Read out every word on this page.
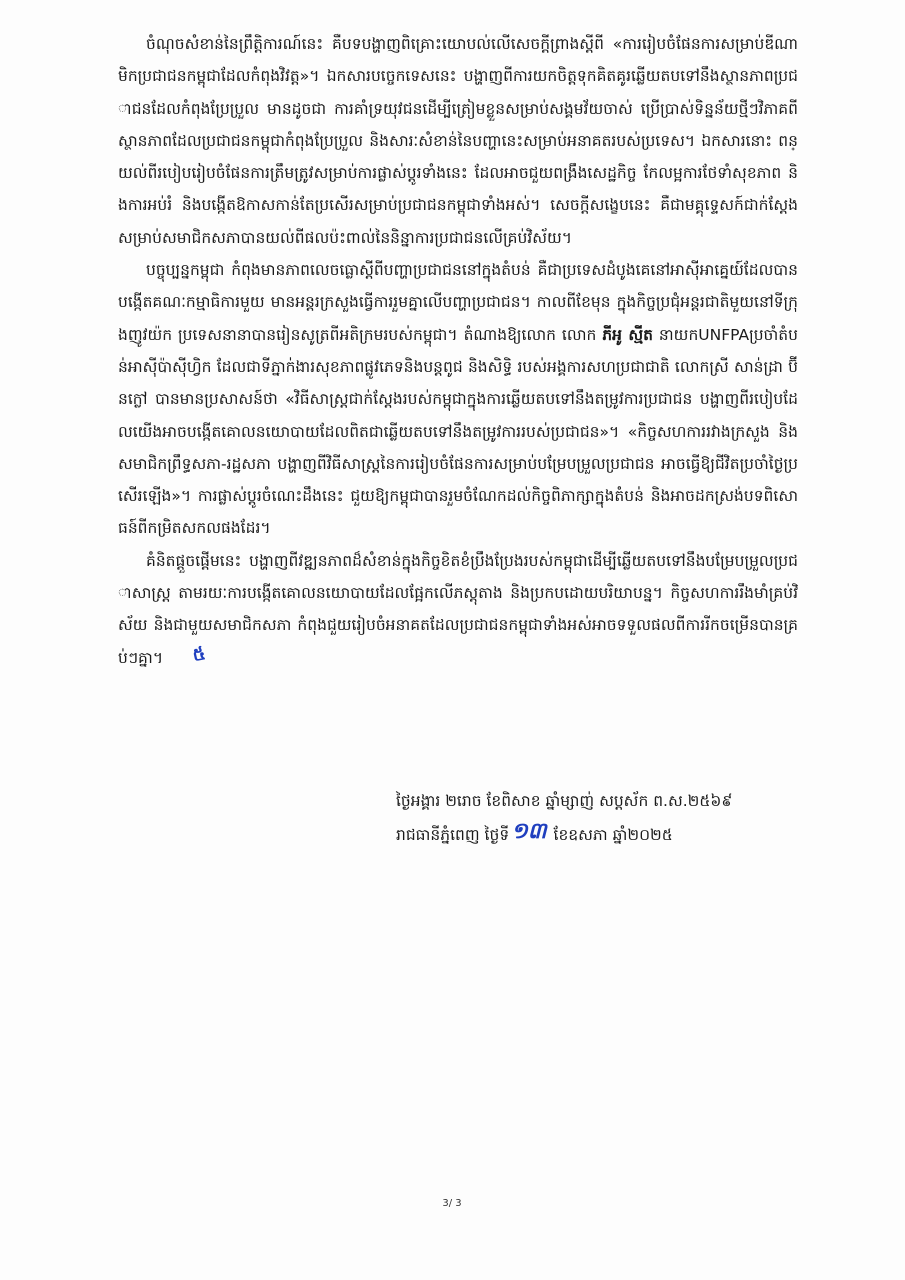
ចំណុចសំខាន់នៃព្រឹត្តិការណ៍នេះ គឺបទបង្ហាញពិគ្រោះយោបល់លើសេចក្តីព្រាងស្តីពី «ការរៀបចំផែនការសម្រាប់ឌីណាមិកប្រជាជនកម្ពុជាដែលកំពុងវិវត្ត»។ ឯកសារបច្ចេកទេសនេះ បង្ហាញពីការយកចិត្តទុកគិតគូរឆ្លើយតបទៅនឹងស្ថានភាពប្រជាជនដែលកំពុងប្រែប្រួល មានដូចជា ការគាំទ្រយុវជនដើម្បីត្រៀមខ្លួនសម្រាប់សង្គមវ័យចាស់ ប្រើប្រាស់ទិន្នន័យថ្មីៗវិភាគពីស្ថានភាពដែលប្រជាជនកម្ពុជាកំពុងប្រែប្រួល និងសារៈសំខាន់នៃបញ្ហានេះសម្រាប់អនាគតរបស់ប្រទេស។ ឯកសារនោះ ពន្យល់ពីរបៀបរៀបចំផែនការត្រឹមត្រូវសម្រាប់ការផ្លាស់ប្តូរទាំងនេះ ដែលអាចជួយពង្រឹងសេដ្ឋកិច្ច កែលម្អការថែទាំសុខភាព និងការអប់រំ និងបង្កើតឱកាសកាន់តែប្រសើរសម្រាប់ប្រជាជនកម្ពុជាទាំងអស់។ សេចក្តីសង្ខេបនេះ គឺជាមគ្គុទ្ទេសក៍ជាក់ស្តែងសម្រាប់សមាជិកសភាបានយល់ពីផលប៉ះពាល់នៃនិន្នាការប្រជាជនលើគ្រប់វិស័យ។

បច្ចុប្បន្នកម្ពុជា កំពុងមានភាពលេចធ្លោស្តីពីបញ្ហាប្រជាជននៅក្នុងតំបន់ គឺជាប្រទេសដំបូងគេនៅអាស៊ីអាគ្នេយ៍ដែលបានបង្កើតគណៈកម្មាធិការមួយ មានអន្តរក្រសួងធ្វើការរួមគ្នាលើបញ្ហាប្រជាជន។ កាលពីខែមុន ក្នុងកិច្ចប្រជុំអន្តរជាតិមួយនៅទីក្រុងញូវយ៉ក ប្រទេសនានាបានរៀនសូត្រពីអតិក្រមរបស់កម្ពុជា។ តំណាងឱ្យលោក លោក ភីអូ ស្មីត នាយកUNFPAប្រចាំតំបន់អាស៊ីប៉ាស៊ីហ្វិក ដែលជាទីភ្នាក់ងារសុខភាពផ្លូវភេទនិងបន្តពូជ និងសិទ្ធិ របស់អង្គការសហប្រជាជាតិ លោកស្រី សាន់ដ្រា ប៊ីនក្លៅ បានមានប្រសាសន៍ថា «វិធីសាស្រ្តជាក់ស្តែងរបស់កម្ពុជាក្នុងការឆ្លើយតបទៅនឹងតម្រូវការប្រជាជន បង្ហាញពីរបៀបដែលយើងអាចបង្កើតគោលនយោបាយដែលពិតជាឆ្លើយតបទៅនឹងតម្រូវការរបស់ប្រជាជន»។ «កិច្ចសហការរវាងក្រសួង និងសមាជិកព្រឹទ្ធសភា-រដ្ឋសភា បង្ហាញពីវិធីសាស្រ្តនៃការរៀបចំផែនការសម្រាប់បម្រែបម្រួលប្រជាជន អាចធ្វើឱ្យជីវិតប្រចាំថ្ងៃប្រសើរឡើង»។ ការផ្លាស់ប្តូរចំណេះដឹងនេះ ជួយឱ្យកម្ពុជាបានរួមចំណែកដល់កិច្ចពិភាក្សាក្នុងតំបន់ និងអាចដកស្រង់បទពិសោធន៍ពីកម្រិតសកលផងដែរ។

គំនិតផ្តួចផ្តើមនេះ បង្ហាញពីវឌ្ឍនភាពដ៏សំខាន់ក្នុងកិច្ចខិតខំប្រឹងប្រែងរបស់កម្ពុជាដើម្បីឆ្លើយតបទៅនឹងបម្រែបម្រួលប្រជាសាស្រ្ត តាមរយៈការបង្កើតគោលនយោបាយដែលផ្អែកលើភស្តុតាង និងប្រកបដោយបរិយាបន្ន។ កិច្ចសហការរឹងមាំគ្រប់វិស័យ និងជាមួយសមាជិកសភា កំពុងជួយរៀបចំអនាគតដែលប្រជាជនកម្ពុជាទាំងអស់អាចទទួលផលពីការរីកចម្រើនបានគ្រប់ៗគ្នា។ ៥

ថ្ងៃអង្គារ ២រោច ខែពិសាខ ឆ្នាំម្សាញ់ សប្តស័ក ព.ស.២៥៦៩
រាជធានីភ្នំពេញ ថ្ងៃទី១៣ ខែឧសភា ឆ្នាំ២០២៥
3/ 3
